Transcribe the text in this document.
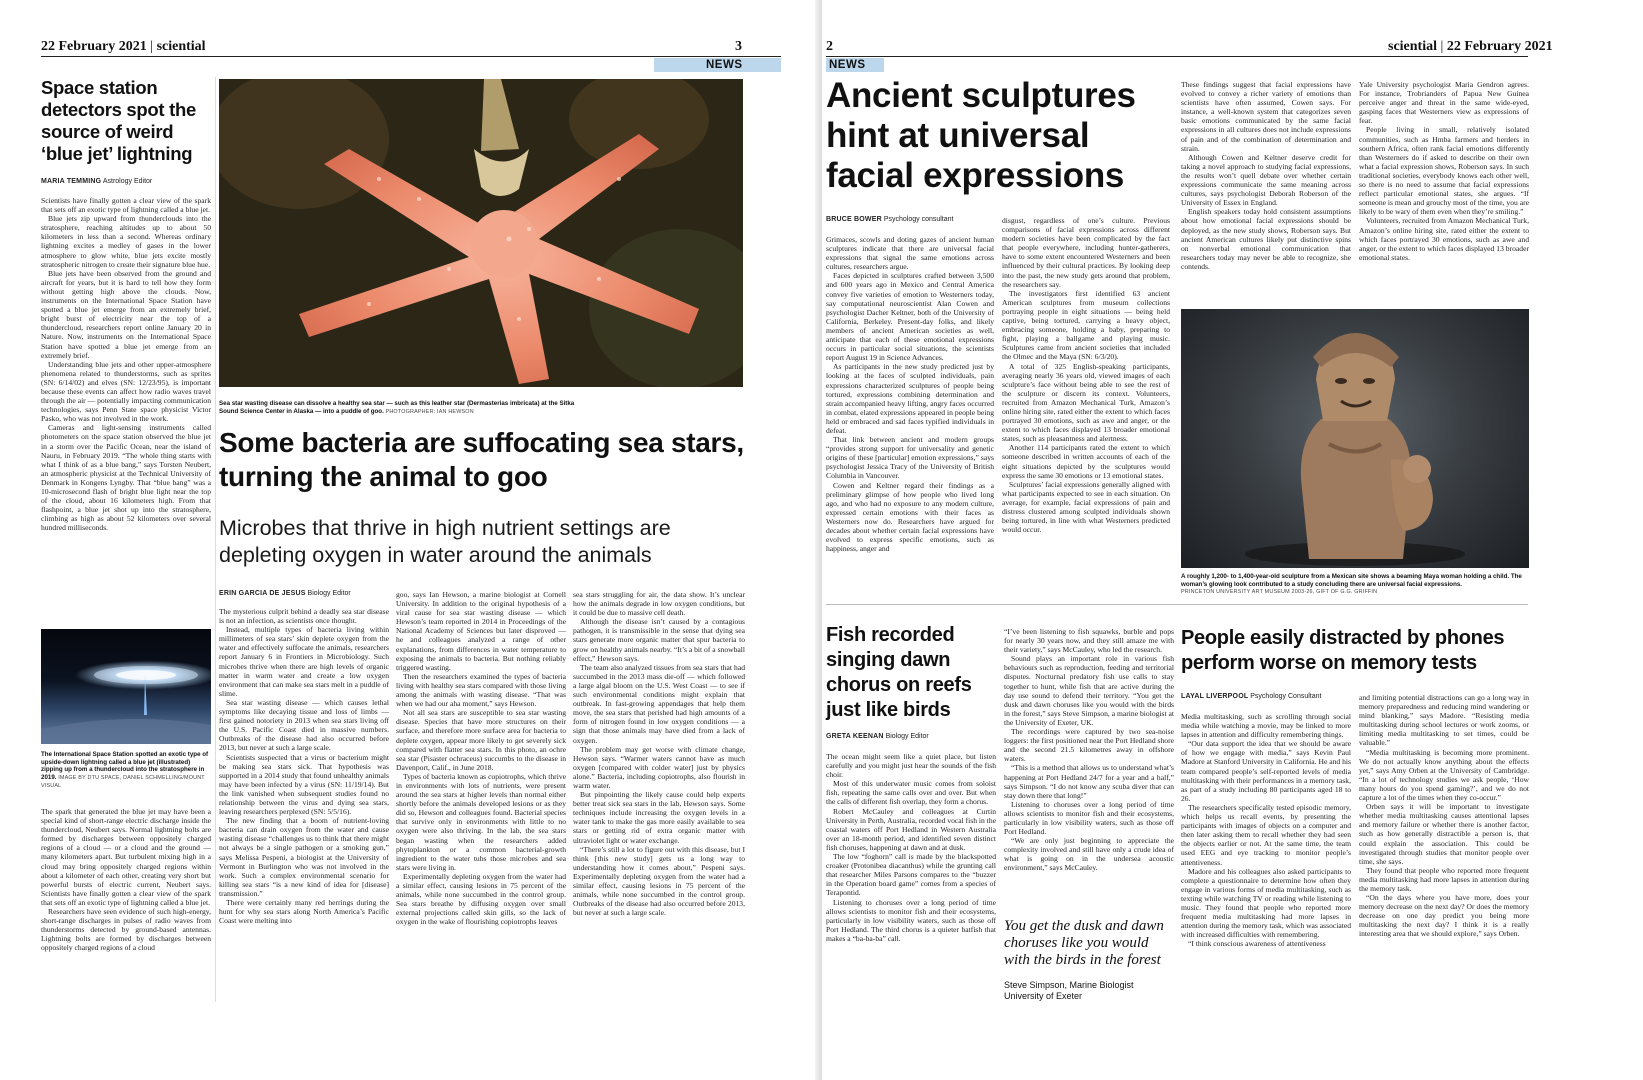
22 February 2021 | sciential	3
NEWS
Space station detectors spot the source of weird ‘blue jet’ lightning
MARIA TEMMING Astrology Editor

Scientists have finally gotten a clear view of the spark that sets off an exotic type of lightning called a blue jet.

Blue jets zip upward from thunderclouds into the stratosphere, reaching altitudes up to about 50 kilometers in less than a second. Whereas ordinary lightning excites a medley of gases in the lower atmosphere to glow white, blue jets excite mostly stratospheric nitrogen to create their signature blue hue.

Blue jets have been observed from the ground and aircraft for years, but it is hard to tell how they form without getting high above the clouds. Now, instruments on the International Space Station have spotted a blue jet emerge from an extremely brief, bright burst of electricity near the top of a thundercloud, researchers report online January 20 in Nature. Now, instruments on the International Space Station have spotted a blue jet emerge from an extremely brief.

Understanding blue jets and other upper-atmosphere phenomena related to thunderstorms, such as sprites (SN: 6/14/02) and elves (SN: 12/23/95), is important because these events can affect how radio waves travel through the air — potentially impacting communication technologies, says Penn State space physicist Victor Pasko, who was not involved in the work.

Cameras and light-sensing instruments called photometers on the space station observed the blue jet in a storm over the Pacific Ocean, near the island of Nauru, in February 2019. “The whole thing starts with what I think of as a blue bang,” says Torsten Neubert, an atmospheric physicist at the Technical University of Denmark in Kongens Lyngby. That “blue bang” was a 10-microsecond flash of bright blue light near the top of the cloud, about 16 kilometers high. From that flashpoint, a blue jet shot up into the stratosphere, climbing as high as about 52 kilometers over several hundred milliseconds.

The International Space Station spotted an exotic type of upside-down lightning called a blue jet (illustrated) zipping up from a thundercloud into the stratosphere in 2019. IMAGE BY DTU SPACE, DANIEL SCHMELLING/MOUNT VISUAL

The spark that generated the blue jet may have been a special kind of short-range electric discharge inside the thundercloud, Neubert says. Normal lightning bolts are formed by discharges between oppositely charged regions of a cloud — or a cloud and the ground — many kilometers apart. But turbulent mixing high in a cloud may bring oppositely charged regions within about a kilometer of each other, creating very short but powerful bursts of electric current, Neubert says. Scientists have finally gotten a clear view of the spark that sets off an exotic type of lightning called a blue jet.

Researchers have seen evidence of such high-energy, short-range discharges in pulses of radio waves from thunderstorms detected by ground-based antennas. Lightning bolts are formed by discharges between oppositely charged regions of a cloud

Sea star wasting disease can dissolve a healthy sea star — such as this leather star (Dermasterias imbricata) at the Sitka Sound Science Center in Alaska — into a puddle of goo. PHOTOGRAPHER: IAN HEWSON
Some bacteria are suffocating sea stars, turning the animal to goo
Microbes that thrive in high nutrient settings are depleting oxygen in water around the animals
ERIN GARCIA DE JESUS Biology Editor

The mysterious culprit behind a deadly sea star disease is not an infection, as scientists once thought.

Instead, multiple types of bacteria living within millimeters of sea stars’ skin deplete oxygen from the water and effectively suffocate the animals, researchers report January 6 in Frontiers in Microbiology. Such microbes thrive when there are high levels of organic matter in warm water and create a low oxygen environment that can make sea stars melt in a puddle of slime.

Sea star wasting disease — which causes lethal symptoms like decaying tissue and loss of limbs — first gained notoriety in 2013 when sea stars living off the U.S. Pacific Coast died in massive numbers. Outbreaks of the disease had also occurred before 2013, but never at such a large scale.

Scientists suspected that a virus or bacterium might be making sea stars sick. That hypothesis was supported in a 2014 study that found unhealthy animals may have been infected by a virus (SN: 11/19/14). But the link vanished when subsequent studies found no relationship between the virus and dying sea stars, leaving researchers perplexed (SN: 5/5/16).

The new finding that a boom of nutrient-loving bacteria can drain oxygen from the water and cause wasting disease “challenges us to think that there might not always be a single pathogen or a smoking gun,” says Melissa Pespeni, a biologist at the University of Vermont in Burlington who was not involved in the work. Such a complex environmental scenario for killing sea stars “is a new kind of idea for [disease] transmission.”

There were certainly many red herrings during the hunt for why sea stars along North America’s Pacific Coast were melting into

goo, says Ian Hewson, a marine biologist at Cornell University. In addition to the original hypothesis of a viral cause for sea star wasting disease — which Hewson’s team reported in 2014 in Proceedings of the National Academy of Sciences but later disproved — he and colleagues analyzed a range of other explanations, from differences in water temperature to exposing the animals to bacteria. But nothing reliably triggered wasting.

Then the researchers examined the types of bacteria living with healthy sea stars compared with those living among the animals with wasting disease. “That was when we had our aha moment,” says Hewson.

Not all sea stars are susceptible to sea star wasting disease. Species that have more structures on their surface, and therefore more surface area for bacteria to deplete oxygen, appear more likely to get severely sick compared with flatter sea stars. In this photo, an ochre sea star (Pisaster ochraceus) succumbs to the disease in Davenport, Calif., in June 2018.

Types of bacteria known as copiotrophs, which thrive in environments with lots of nutrients, were present around the sea stars at higher levels than normal either shortly before the animals developed lesions or as they did so, Hewson and colleagues found. Bacterial species that survive only in environments with little to no oxygen were also thriving. In the lab, the sea stars began wasting when the researchers added phytoplankton or a common bacterial-growth ingredient to the water tubs those microbes and sea stars were living in.

Experimentally depleting oxygen from the water had a similar effect, causing lesions in 75 percent of the animals, while none succumbed in the control group. Sea stars breathe by diffusing oxygen over small external projections called skin gills, so the lack of oxygen in the wake of flourishing copiotrophs leaves

sea stars struggling for air, the data show. It’s unclear how the animals degrade in low oxygen conditions, but it could be due to massive cell death.

Although the disease isn’t caused by a contagious pathogen, it is transmissible in the sense that dying sea stars generate more organic matter that spur bacteria to grow on healthy animals nearby. “It’s a bit of a snowball effect,” Hewson says.

The team also analyzed tissues from sea stars that had succumbed in the 2013 mass die-off — which followed a large algal bloom on the U.S. West Coast — to see if such environmental conditions might explain that outbreak. In fast-growing appendages that help them move, the sea stars that perished had high amounts of a form of nitrogen found in low oxygen conditions — a sign that those animals may have died from a lack of oxygen.

The problem may get worse with climate change, Hewson says. “Warmer waters cannot have as much oxygen [compared with colder water] just by physics alone.” Bacteria, including copiotrophs, also flourish in warm water.

But pinpointing the likely cause could help experts better treat sick sea stars in the lab, Hewson says. Some techniques include increasing the oxygen levels in a water tank to make the gas more easily available to sea stars or getting rid of extra organic matter with ultraviolet light or water exchange.

“There’s still a lot to figure out with this disease, but I think [this new study] gets us a long way to understanding how it comes about,” Pespeni says. Experimentally depleting oxygen from the water had a similar effect, causing lesions in 75 percent of the animals, while none succumbed in the control group. Outbreaks of the disease had also occurred before 2013, but never at such a large scale.

2	sciential | 22 February 2021
NEWS
Ancient sculptures hint at universal facial expressions
BRUCE BOWER Psychology consultant

Grimaces, scowls and doting gazes of ancient human sculptures indicate that there are universal facial expressions that signal the same emotions across cultures, researchers argue.

Faces depicted in sculptures crafted between 3,500 and 600 years ago in Mexico and Central America convey five varieties of emotion to Westerners today, say computational neuroscientist Alan Cowen and psychologist Dacher Keltner, both of the University of California, Berkeley. Present-day folks, and likely members of ancient American societies as well, anticipate that each of these emotional expressions occurs in particular social situations, the scientists report August 19 in Science Advances.

As participants in the new study predicted just by looking at the faces of sculpted individuals, pain expressions characterized sculptures of people being tortured, expressions combining determination and strain accompanied heavy lifting, angry faces occurred in combat, elated expressions appeared in people being held or embraced and sad faces typified individuals in defeat.

That link between ancient and modern groups “provides strong support for universality and genetic origins of these [particular] emotion expressions,” says psychologist Jessica Tracy of the University of British Columbia in Vancouver.

Cowen and Keltner regard their findings as a preliminary glimpse of how people who lived long ago, and who had no exposure to any modern culture, expressed certain emotions with their faces as Westerners now do. Researchers have argued for decades about whether certain facial expressions have evolved to express specific emotions, such as happiness, anger and

disgust, regardless of one’s culture. Previous comparisons of facial expressions across different modern societies have been complicated by the fact that people everywhere, including hunter-gatherers, have to some extent encountered Westerners and been influenced by their cultural practices. By looking deep into the past, the new study gets around that problem, the researchers say.

The investigators first identified 63 ancient American sculptures from museum collections portraying people in eight situations — being held captive, being tortured, carrying a heavy object, embracing someone, holding a baby, preparing to fight, playing a ballgame and playing music. Sculptures came from ancient societies that included the Olmec and the Maya (SN: 6/3/20).

A total of 325 English-speaking participants, averaging nearly 36 years old, viewed images of each sculpture’s face without being able to see the rest of the sculpture or discern its context. Volunteers, recruited from Amazon Mechanical Turk, Amazon’s online hiring site, rated either the extent to which faces portrayed 30 emotions, such as awe and anger, or the extent to which faces displayed 13 broader emotional states, such as pleasantness and alertness.

Another 114 participants rated the extent to which someone described in written accounts of each of the eight situations depicted by the sculptures would express the same 30 emotions or 13 emotional states.

Sculptures’ facial expressions generally aligned with what participants expected to see in each situation. On average, for example, facial expressions of pain and distress clustered among sculpted individuals shown being tortured, in line with what Westerners predicted would occur.

These findings suggest that facial expressions have evolved to convey a richer variety of emotions than scientists have often assumed, Cowen says. For instance, a well-known system that categorizes seven basic emotions communicated by the same facial expressions in all cultures does not include expressions of pain and of the combination of determination and strain.

Although Cowen and Keltner deserve credit for taking a novel approach to studying facial expressions, the results won’t quell debate over whether certain expressions communicate the same meaning across cultures, says psychologist Deborah Roberson of the University of Essex in England.

English speakers today hold consistent assumptions about how emotional facial expressions should be deployed, as the new study shows, Roberson says. But ancient American cultures likely put distinctive spins on nonverbal emotional communication that researchers today may never be able to recognize, she contends.

Yale University psychologist Maria Gendron agrees. For instance, Trobrianders of Papua New Guinea perceive anger and threat in the same wide-eyed, gasping faces that Westerners view as expressions of fear.

People living in small, relatively isolated communities, such as Hmba farmers and herders in southern Africa, often rank facial emotions differently than Westerners do if asked to describe on their own what a facial expression shows, Roberson says. In such traditional societies, everybody knows each other well, so there is no need to assume that facial expressions reflect particular emotional states, she argues. “If someone is mean and grouchy most of the time, you are likely to be wary of them even when they’re smiling.”

Volunteers, recruited from Amazon Mechanical Turk, Amazon’s online hiring site, rated either the extent to which faces portrayed 30 emotions, such as awe and anger, or the extent to which faces displayed 13 broader emotional states.

A roughly 1,200- to 1,400-year-old sculpture from a Mexican site shows a beaming Maya woman holding a child. The woman’s glowing look contributed to a study concluding there are universal facial expressions.
PRINCETON UNIVERSITY ART MUSEUM 2003-26, GIFT OF G.G. GRIFFIN
Fish recorded singing dawn chorus on reefs just like birds
GRETA KEENAN Biology Editor

The ocean might seem like a quiet place, but listen carefully and you might just hear the sounds of the fish choir.

Most of this underwater music comes from soloist fish, repeating the same calls over and over. But when the calls of different fish overlap, they form a chorus.

Robert McCauley and colleagues at Curtin University in Perth, Australia, recorded vocal fish in the coastal waters off Port Hedland in Western Australia over an 18-month period, and identified seven distinct fish choruses, happening at dawn and at dusk.

The low “foghorn” call is made by the blackspotted croaker (Protonibea diacanthus) while the grunting call that researcher Miles Parsons compares to the “buzzer in the Operation board game” comes from a species of Terapontid.

Listening to choruses over a long period of time allows scientists to monitor fish and their ecosystems, particularly in low visibility waters, such as those off Port Hedland. The third chorus is a quieter batfish that makes a “ba-ba-ba” call.

“I’ve been listening to fish squawks, burble and pops for nearly 30 years now, and they still amaze me with their variety,” says McCauley, who led the research.

Sound plays an important role in various fish behaviours such as reproduction, feeding and territorial disputes. Nocturnal predatory fish use calls to stay together to hunt, while fish that are active during the day use sound to defend their territory. “You get the dusk and dawn choruses like you would with the birds in the forest,” says Steve Simpson, a marine biologist at the University of Exeter, UK.

The recordings were captured by two sea-noise loggers: the first positioned near the Port Hedland shore and the second 21.5 kilometres away in offshore waters.

“This is a method that allows us to understand what’s happening at Port Hedland 24/7 for a year and a half,” says Simpson. “I do not know any scuba diver that can stay down there that long!”

Listening to choruses over a long period of time allows scientists to monitor fish and their ecosystems, particularly in low visibility waters, such as those off Port Hedland.

“We are only just beginning to appreciate the complexity involved and still have only a crude idea of what is going on in the undersea acoustic environment,” says McCauley.

You get the dusk and dawn choruses like you would with the birds in the forest
Steve Simpson, Marine Biologist
University of Exeter
People easily distracted by phones perform worse on memory tests
LAYAL LIVERPOOL Psychology Consultant

Media multitasking, such as scrolling through social media while watching a movie, may be linked to more lapses in attention and difficulty remembering things.

“Our data support the idea that we should be aware of how we engage with media,” says Kevin Paul Madore at Stanford University in California. He and his team compared people’s self-reported levels of media multitasking with their performances in a memory task, as part of a study including 80 participants aged 18 to 26.

The researchers specifically tested episodic memory, which helps us recall events, by presenting the participants with images of objects on a computer and then later asking them to recall whether they had seen the objects earlier or not. At the same time, the team used EEG and eye tracking to monitor people’s attentiveness.

Madore and his colleagues also asked participants to complete a questionnaire to determine how often they engage in various forms of media multitasking, such as texting while watching TV or reading while listening to music. They found that people who reported more frequent media multitasking had more lapses in attention during the memory task, which was associated with increased difficulties with remembering.

“I think conscious awareness of attentiveness

and limiting potential distractions can go a long way in memory preparedness and reducing mind wandering or mind blanking,” says Madore. “Resisting media multitasking during school lectures or work zooms, or limiting media multitasking to set times, could be valuable.”

“Media multitasking is becoming more prominent. We do not actually know anything about the effects yet,” says Amy Orben at the University of Cambridge. “In a lot of technology studies we ask people, ‘How many hours do you spend gaming?’, and we do not capture a lot of the times when they co-occur.”

Orben says it will be important to investigate whether media multitasking causes attentional lapses and memory failure or whether there is another factor, such as how generally distractible a person is, that could explain the association. This could be investigated through studies that monitor people over time, she says.

They found that people who reported more frequent media multitasking had more lapses in attention during the memory task.

“On the days where you have more, does your memory decrease on the next day? Or does the memory decrease on one day predict you being more multitasking the next day? I think it is a really interesting area that we should explore,” says Orben.
